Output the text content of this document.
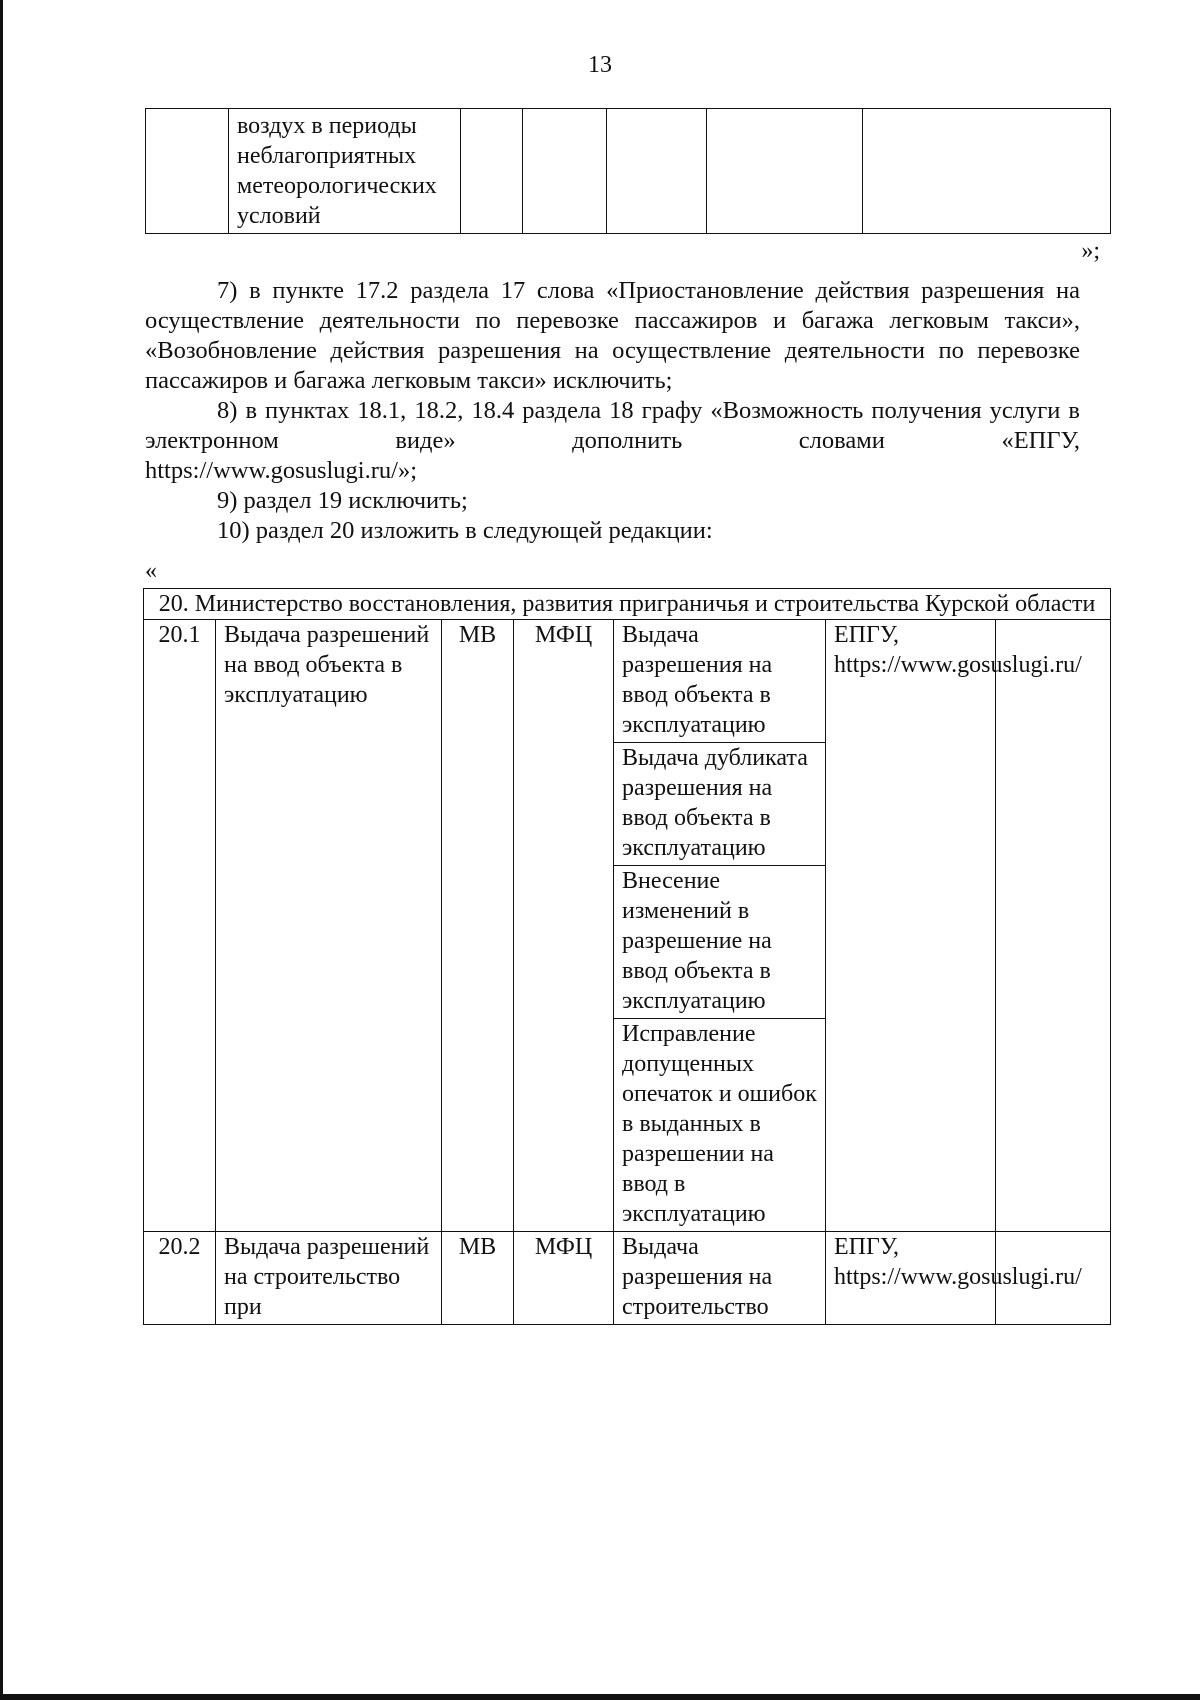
13
	воздух в периоды неблагоприятных метеорологических условий					
»;

7) в пункте 17.2 раздела 17 слова «Приостановление действия разрешения на осуществление деятельности по перевозке пассажиров и багажа легковым такси», «Возобновление действия разрешения на осуществление деятельности по перевозке пассажиров и багажа легковым такси» исключить;

8) в пунктах 18.1, 18.2, 18.4 раздела 18 графу «Возможность получения услуги в электронном виде» дополнить словами «ЕПГУ,

https://www.gosuslugi.ru/»;

9) раздел 19 исключить;

10) раздел 20 изложить в следующей редакции:

«
20. Министерство восстановления, развития приграничья и строительства Курской области						
20.1	Выдача разрешений на ввод объекта в эксплуатацию	МВ	МФЦ	Выдача разрешения на ввод объекта в эксплуатацию
Выдача дубликата разрешения на ввод объекта в эксплуатацию
Внесение изменений в разрешение на ввод объекта в эксплуатацию
Исправление допущенных опечаток и ошибок в выданных в разрешении на ввод в эксплуатацию	ЕПГУ, https://www.gosuslugi.ru/	
20.2	Выдача разрешений на строительство при	МВ	МФЦ	Выдача разрешения на строительство	ЕПГУ, https://www.gosuslugi.ru/	
